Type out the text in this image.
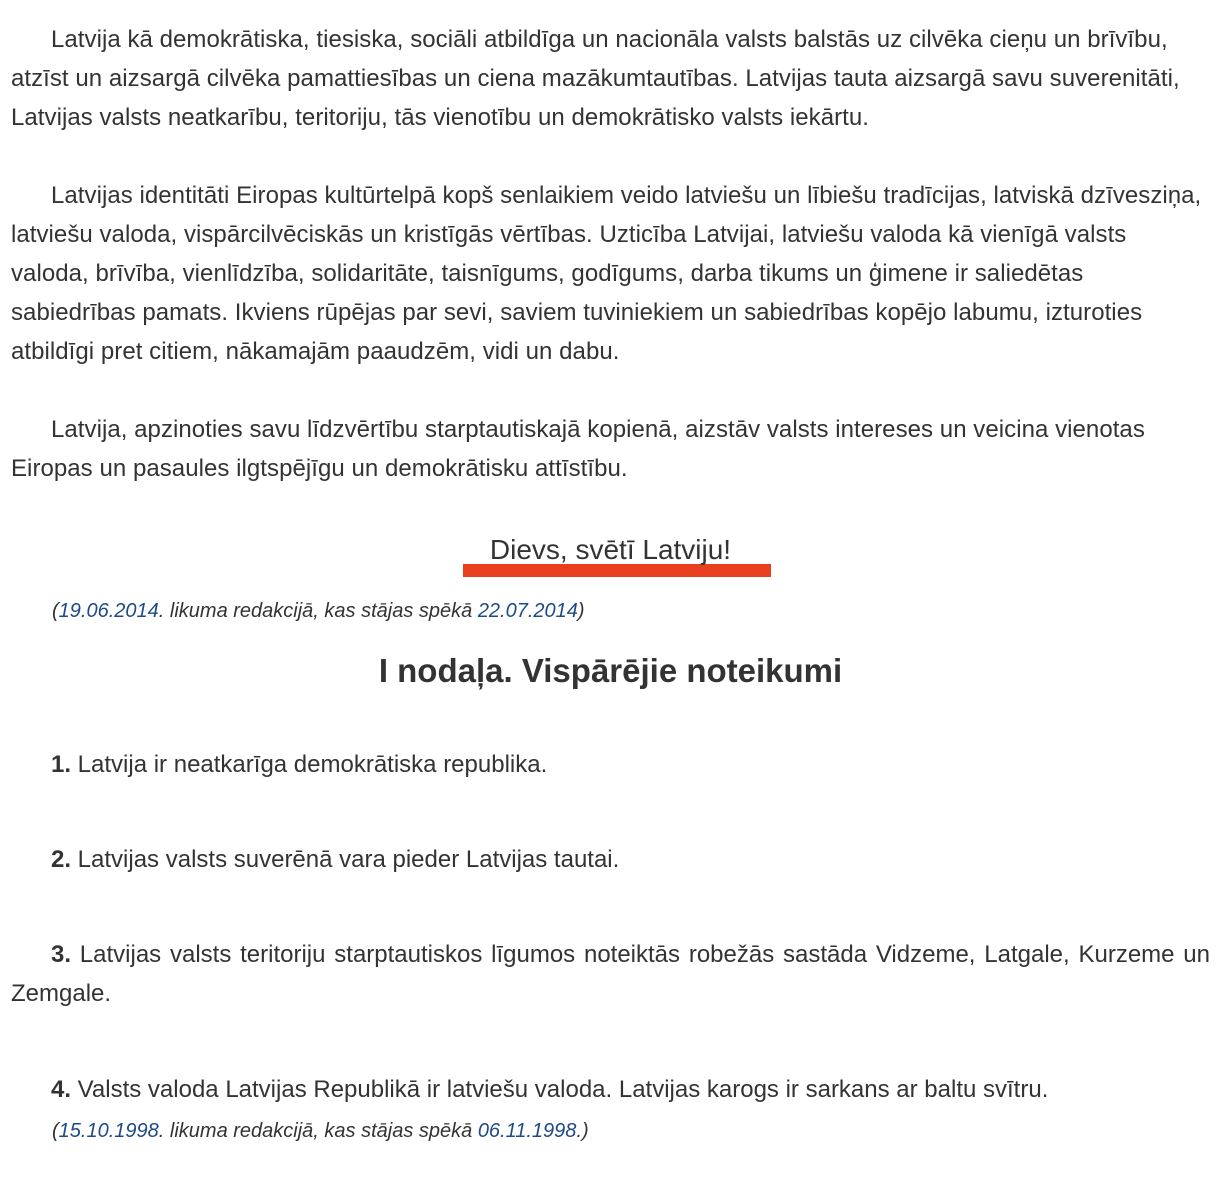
Latvija kā demokrātiska, tiesiska, sociāli atbildīga un nacionāla valsts balstās uz cilvēka cieņu un brīvību, atzīst un aizsargā cilvēka pamattiesības un ciena mazākumtautības. Latvijas tauta aizsargā savu suverenitāti, Latvijas valsts neatkarību, teritoriju, tās vienotību un demokrātisko valsts iekārtu.

Latvijas identitāti Eiropas kultūrtelpā kopš senlaikiem veido latviešu un lībiešu tradīcijas, latviskā dzīvesziņa, latviešu valoda, vispārcilvēciskās un kristīgās vērtības. Uzticība Latvijai, latviešu valoda kā vienīgā valsts valoda, brīvība, vienlīdzība, solidaritāte, taisnīgums, godīgums, darba tikums un ģimene ir saliedētas sabiedrības pamats. Ikviens rūpējas par sevi, saviem tuviniekiem un sabiedrības kopējo labumu, izturoties atbildīgi pret citiem, nākamajām paaudzēm, vidi un dabu.

Latvija, apzinoties savu līdzvērtību starptautiskajā kopienā, aizstāv valsts intereses un veicina vienotas Eiropas un pasaules ilgtspējīgu un demokrātisku attīstību.

Dievs, svētī Latviju!
(19.06.2014. likuma redakcijā, kas stājas spēkā 22.07.2014)
I nodaļa. Vispārējie noteikumi
1. Latvija ir neatkarīga demokrātiska republika.
2. Latvijas valsts suverēnā vara pieder Latvijas tautai.
3. Latvijas valsts teritoriju starptautiskos līgumos noteiktās robežās sastāda Vidzeme, Latgale, Kurzeme un Zemgale.
4. Valsts valoda Latvijas Republikā ir latviešu valoda. Latvijas karogs ir sarkans ar baltu svītru.
(15.10.1998. likuma redakcijā, kas stājas spēkā 06.11.1998.)
